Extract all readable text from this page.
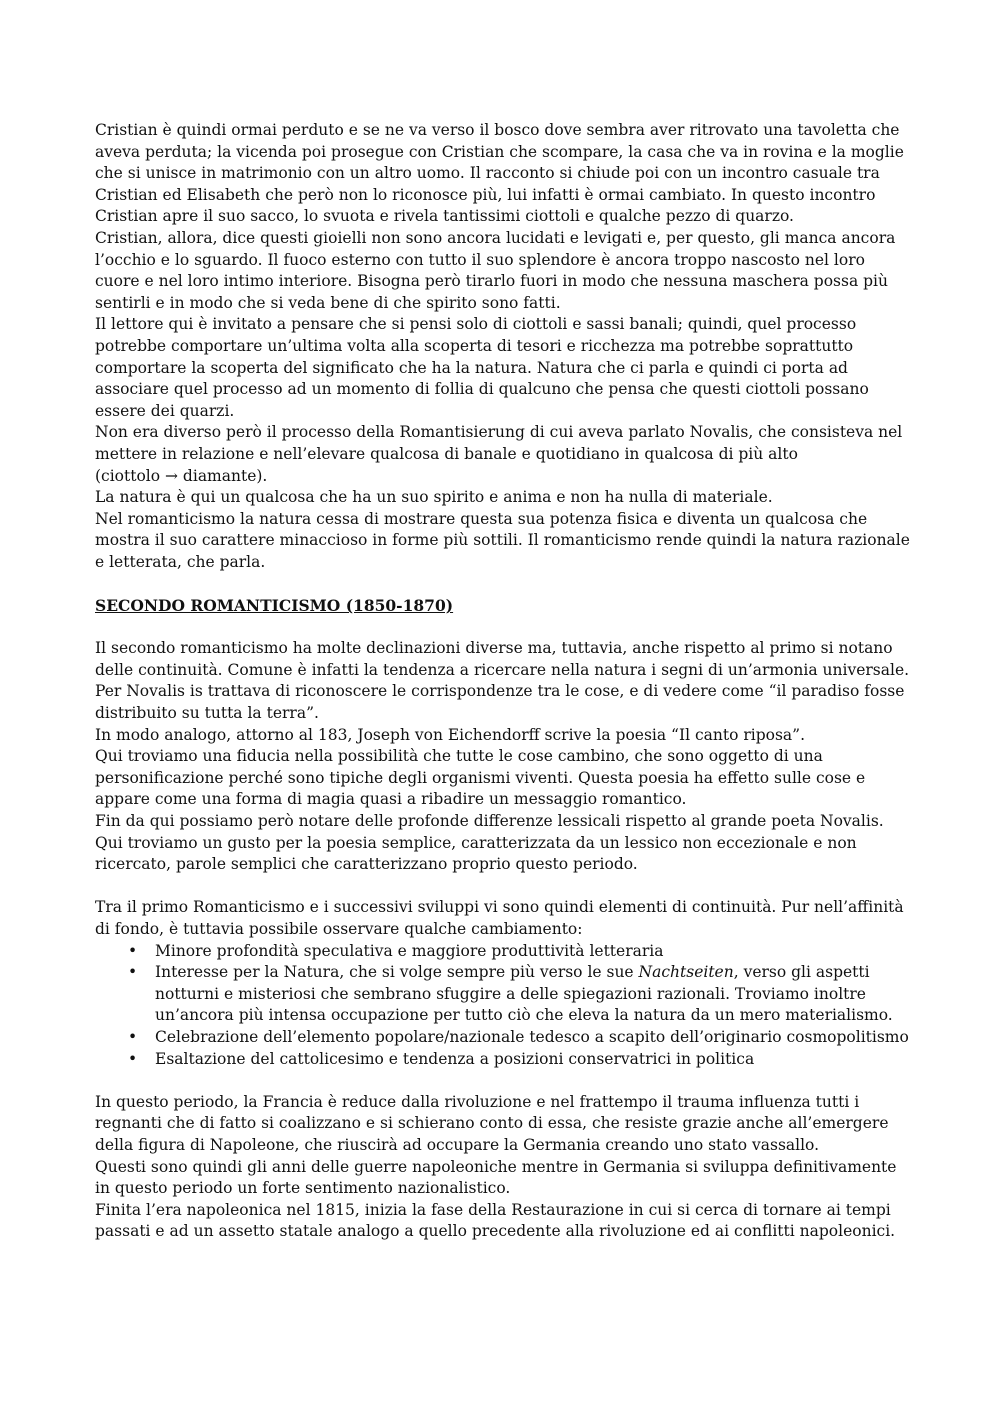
Cristian è quindi ormai perduto e se ne va verso il bosco dove sembra aver ritrovato una tavoletta che aveva perduta; la vicenda poi prosegue con Cristian che scompare, la casa che va in rovina e la moglie che si unisce in matrimonio con un altro uomo. Il racconto si chiude poi con un incontro casuale tra Cristian ed Elisabeth che però non lo riconosce più, lui infatti è ormai cambiato. In questo incontro Cristian apre il suo sacco, lo svuota e rivela tantissimi ciottoli e qualche pezzo di quarzo.

Cristian, allora, dice questi gioielli non sono ancora lucidati e levigati e, per questo, gli manca ancora l’occhio e lo sguardo. Il fuoco esterno con tutto il suo splendore è ancora troppo nascosto nel loro cuore e nel loro intimo interiore. Bisogna però tirarlo fuori in modo che nessuna maschera possa più sentirli e in modo che si veda bene di che spirito sono fatti.

Il lettore qui è invitato a pensare che si pensi solo di ciottoli e sassi banali; quindi, quel processo potrebbe comportare un’ultima volta alla scoperta di tesori e ricchezza ma potrebbe soprattutto comportare la scoperta del significato che ha la natura. Natura che ci parla e quindi ci porta ad associare quel processo ad un momento di follia di qualcuno che pensa che questi ciottoli possano essere dei quarzi.

Non era diverso però il processo della Romantisierung di cui aveva parlato Novalis, che consisteva nel mettere in relazione e nell’elevare qualcosa di banale e quotidiano in qualcosa di più alto

(ciottolo → diamante).

La natura è qui un qualcosa che ha un suo spirito e anima e non ha nulla di materiale.

Nel romanticismo la natura cessa di mostrare questa sua potenza fisica e diventa un qualcosa che mostra il suo carattere minaccioso in forme più sottili. Il romanticismo rende quindi la natura razionale e letterata, che parla.

SECONDO ROMANTICISMO (1850-1870)

Il secondo romanticismo ha molte declinazioni diverse ma, tuttavia, anche rispetto al primo si notano delle continuità. Comune è infatti la tendenza a ricercare nella natura i segni di un’armonia universale. Per Novalis is trattava di riconoscere le corrispondenze tra le cose, e di vedere come “il paradiso fosse distribuito su tutta la terra”.

In modo analogo, attorno al 183, Joseph von Eichendorff scrive la poesia “Il canto riposa”.

Qui troviamo una fiducia nella possibilità che tutte le cose cambino, che sono oggetto di una personificazione perché sono tipiche degli organismi viventi. Questa poesia ha effetto sulle cose e appare come una forma di magia quasi a ribadire un messaggio romantico.

Fin da qui possiamo però notare delle profonde differenze lessicali rispetto al grande poeta Novalis. Qui troviamo un gusto per la poesia semplice, caratterizzata da un lessico non eccezionale e non ricercato, parole semplici che caratterizzano proprio questo periodo.

Tra il primo Romanticismo e i successivi sviluppi vi sono quindi elementi di continuità. Pur nell’affinità di fondo, è tuttavia possibile osservare qualche cambiamento:

• Minore profondità speculativa e maggiore produttività letteraria
• Interesse per la Natura, che si volge sempre più verso le sue Nachtseiten, verso gli aspetti notturni e misteriosi che sembrano sfuggire a delle spiegazioni razionali. Troviamo inoltre un’ancora più intensa occupazione per tutto ciò che eleva la natura da un mero materialismo.
• Celebrazione dell’elemento popolare/nazionale tedesco a scapito dell’originario cosmopolitismo
• Esaltazione del cattolicesimo e tendenza a posizioni conservatrici in politica

In questo periodo, la Francia è reduce dalla rivoluzione e nel frattempo il trauma influenza tutti i regnanti che di fatto si coalizzano e si schierano conto di essa, che resiste grazie anche all’emergere della figura di Napoleone, che riuscirà ad occupare la Germania creando uno stato vassallo.

Questi sono quindi gli anni delle guerre napoleoniche mentre in Germania si sviluppa definitivamente in questo periodo un forte sentimento nazionalistico.

Finita l’era napoleonica nel 1815, inizia la fase della Restaurazione in cui si cerca di tornare ai tempi passati e ad un assetto statale analogo a quello precedente alla rivoluzione ed ai conflitti napoleonici.
